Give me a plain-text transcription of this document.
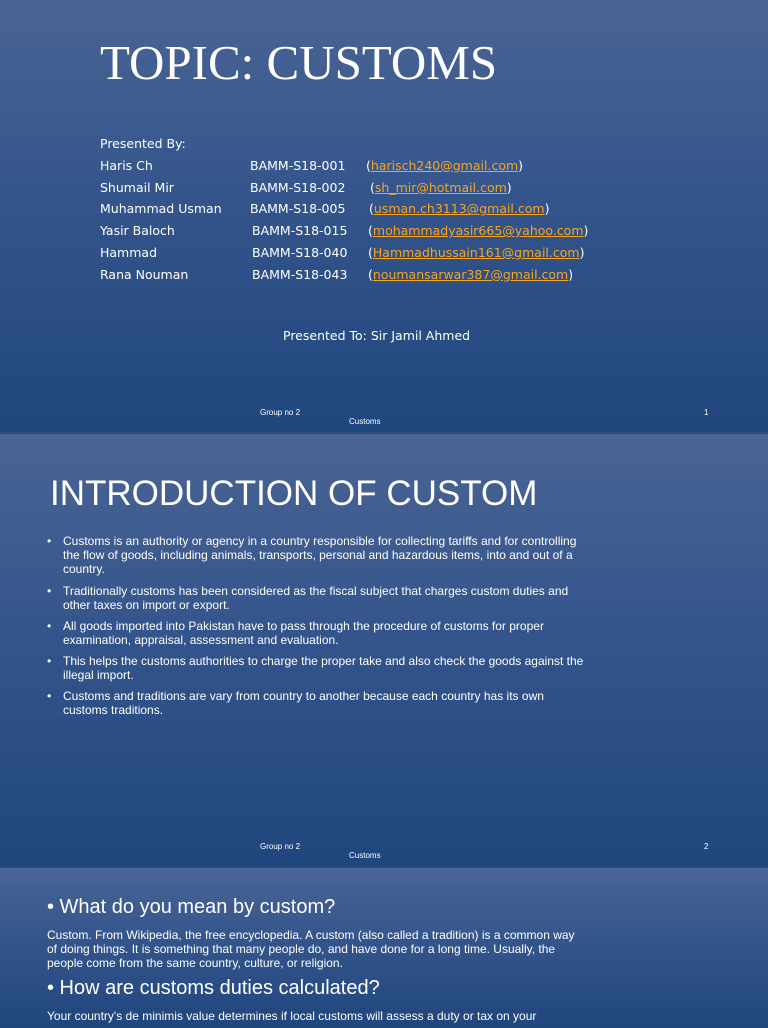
TOPIC: CUSTOMS
Presented By:
Haris Ch	BAMM-S18-001 (harisch240@gmail.com)
Shumail Mir	BAMM-S18-002 (sh_mir@hotmail.com)
Muhammad Usman BAMM-S18-005 (usman.ch3113@gmail.com)
Yasir Baloch	BAMM-S18-015 (mohammadyasir665@yahoo.com)
Hammad	BAMM-S18-040 (Hammadhussain161@gmail.com)
Rana Nouman	BAMM-S18-043 (noumansarwar387@gmail.com)
Presented To: Sir Jamil Ahmed
Group no 2
Customs
1
INTRODUCTION OF CUSTOM
• Customs is an authority or agency in a country responsible for collecting tariffs and for controlling the flow of goods, including animals, transports, personal and hazardous items, into and out of a country.
• Traditionally customs has been considered as the fiscal subject that charges custom duties and other taxes on import or export.
• All goods imported into Pakistan have to pass through the procedure of customs for proper examination, appraisal, assessment and evaluation.
• This helps the customs authorities to charge the proper take and also check the goods against the illegal import.
• Customs and traditions are vary from country to another because each country has its own customs traditions.
Group no 2
Customs
2
• What do you mean by custom?
Custom. From Wikipedia, the free encyclopedia. A custom (also called a tradition) is a common way of doing things. It is something that many people do, and have done for a long time. Usually, the people come from the same country, culture, or religion.
• How are customs duties calculated?
Your country's de minimis value determines if local customs will assess a duty or tax on your
